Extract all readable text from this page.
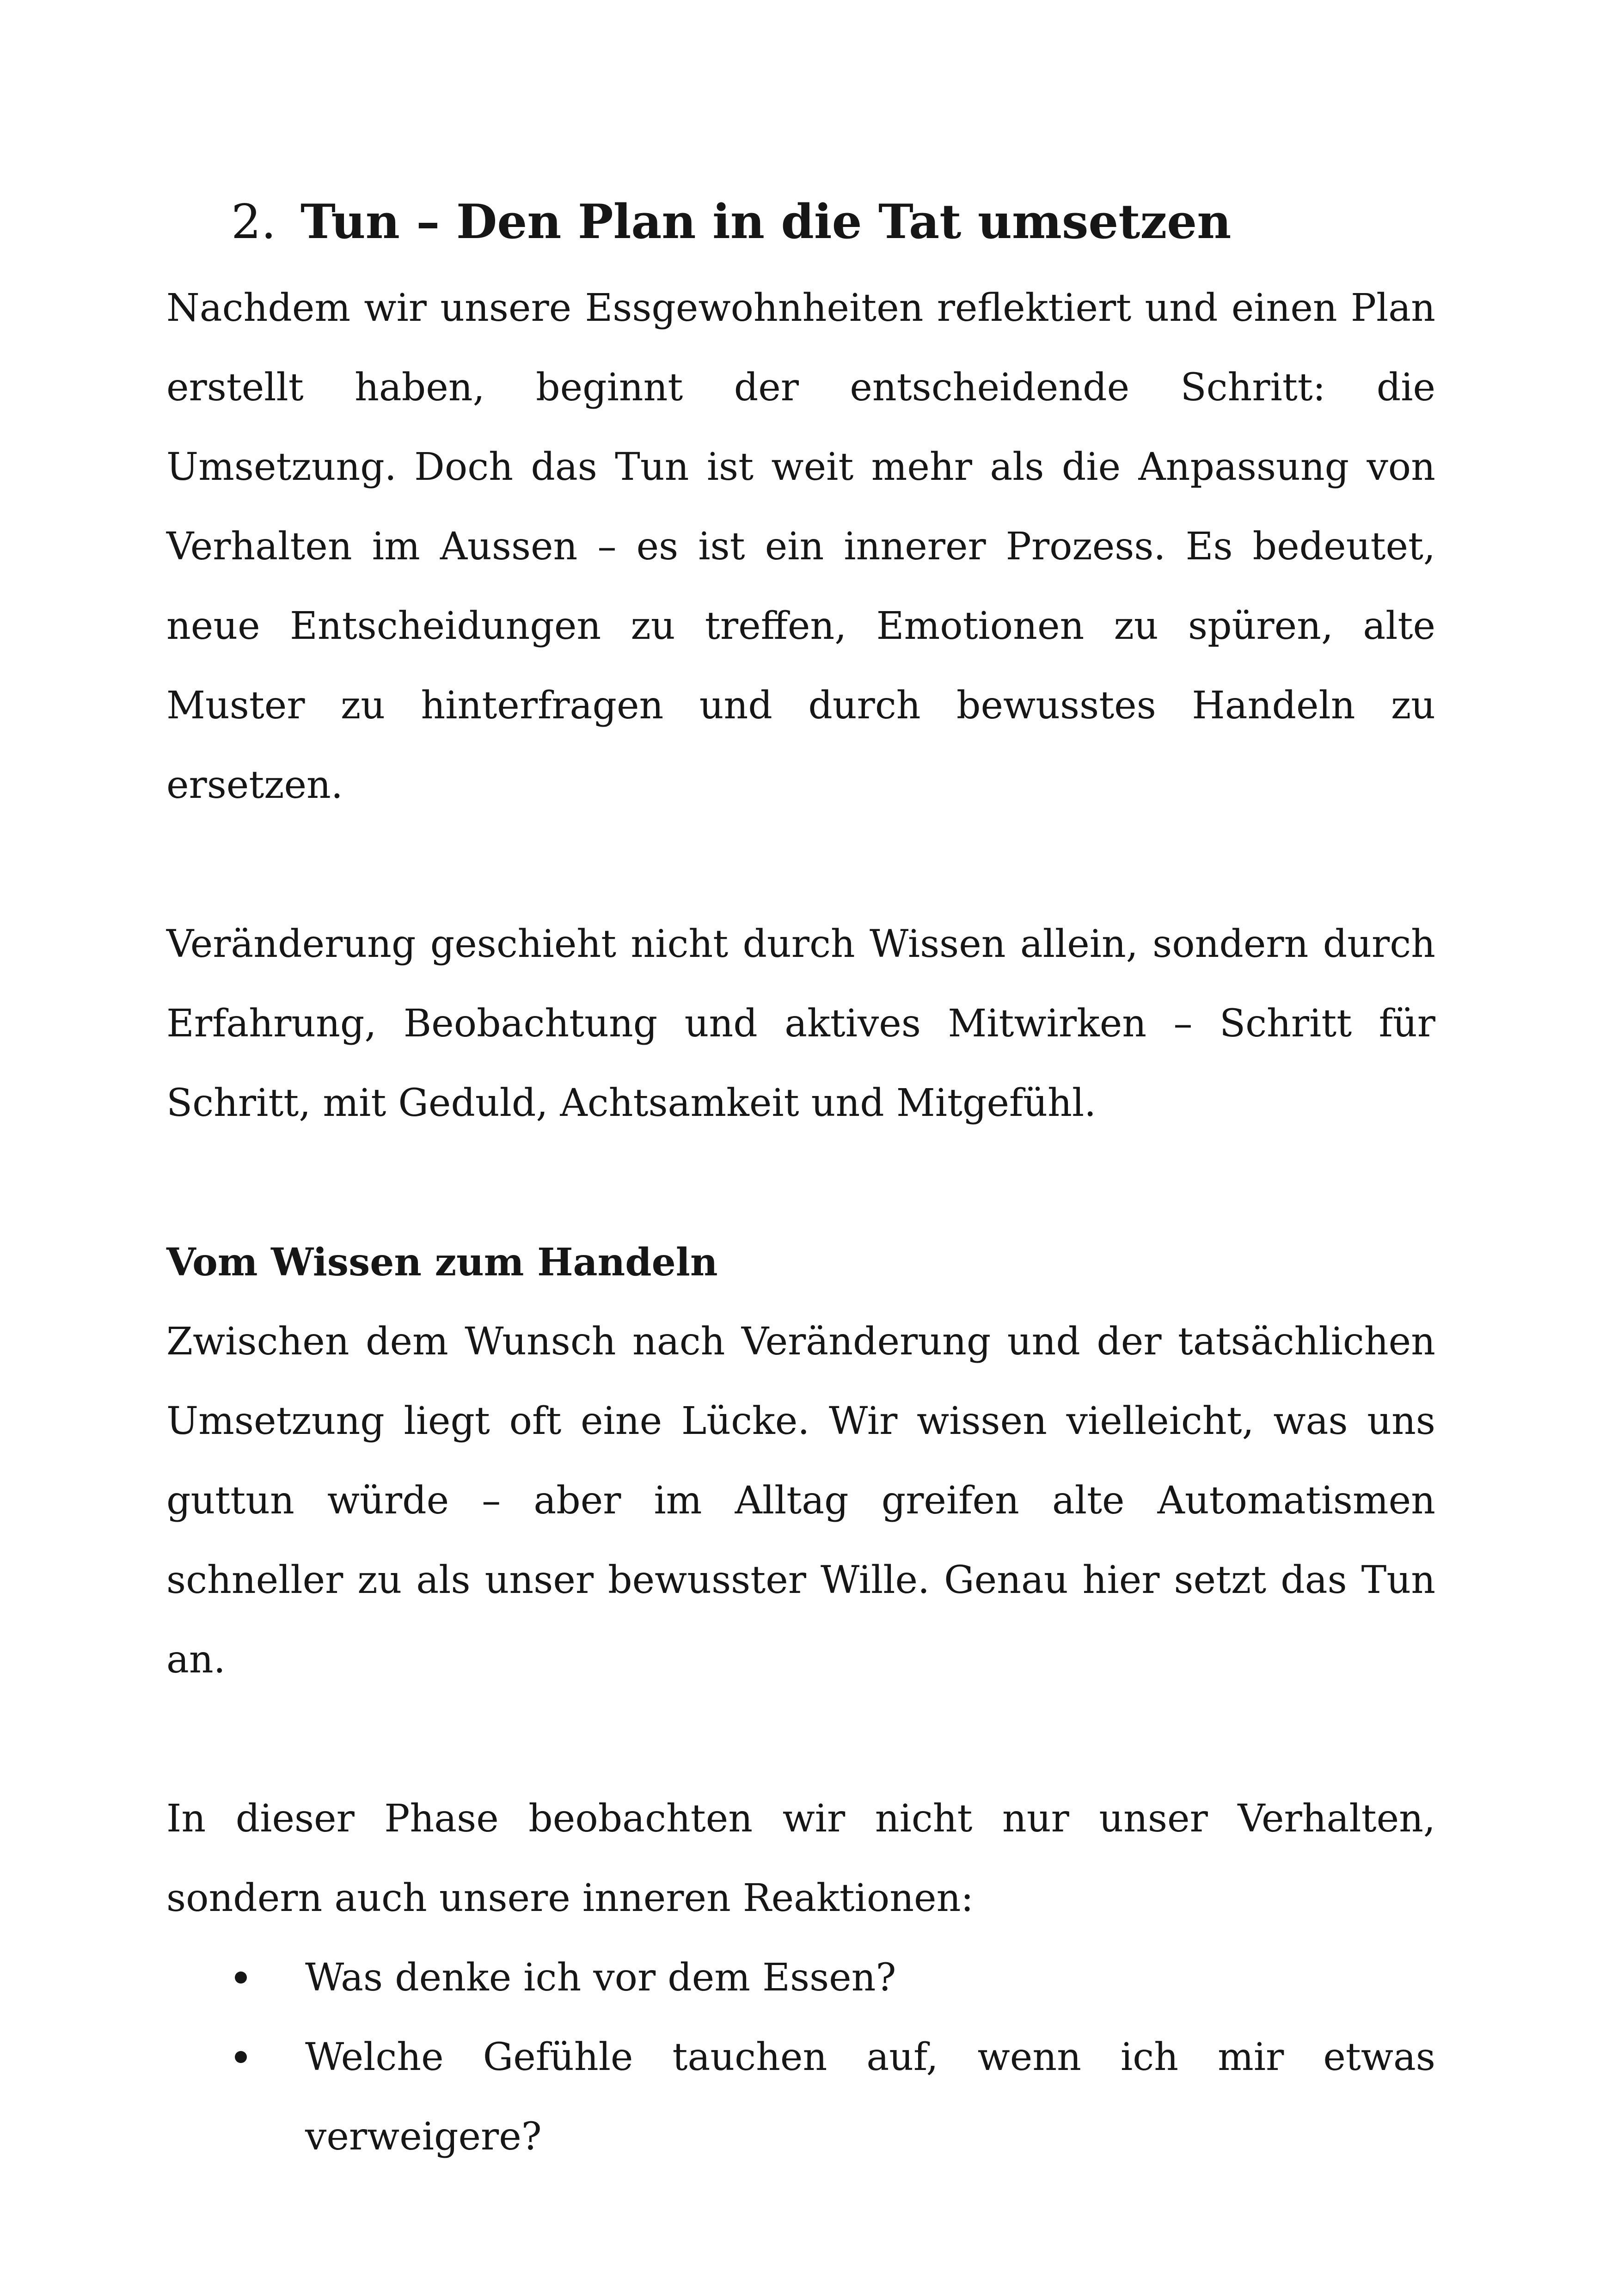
2. Tun – Den Plan in die Tat umsetzen

Nachdem wir unsere Essgewohnheiten reflektiert und einen Plan erstellt haben, beginnt der entscheidende Schritt: die Umsetzung. Doch das Tun ist weit mehr als die Anpassung von Verhalten im Aussen – es ist ein innerer Prozess. Es bedeutet, neue Entscheidungen zu treffen, Emotionen zu spüren, alte Muster zu hinterfragen und durch bewusstes Handeln zu ersetzen.

Veränderung geschieht nicht durch Wissen allein, sondern durch Erfahrung, Beobachtung und aktives Mitwirken – Schritt für Schritt, mit Geduld, Achtsamkeit und Mitgefühl.

Vom Wissen zum Handeln

Zwischen dem Wunsch nach Veränderung und der tatsächlichen Umsetzung liegt oft eine Lücke. Wir wissen vielleicht, was uns guttun würde – aber im Alltag greifen alte Automatismen schneller zu als unser bewusster Wille. Genau hier setzt das Tun an.

In dieser Phase beobachten wir nicht nur unser Verhalten, sondern auch unsere inneren Reaktionen:

Was denke ich vor dem Essen?
Welche Gefühle tauchen auf, wenn ich mir etwas verweigere?
